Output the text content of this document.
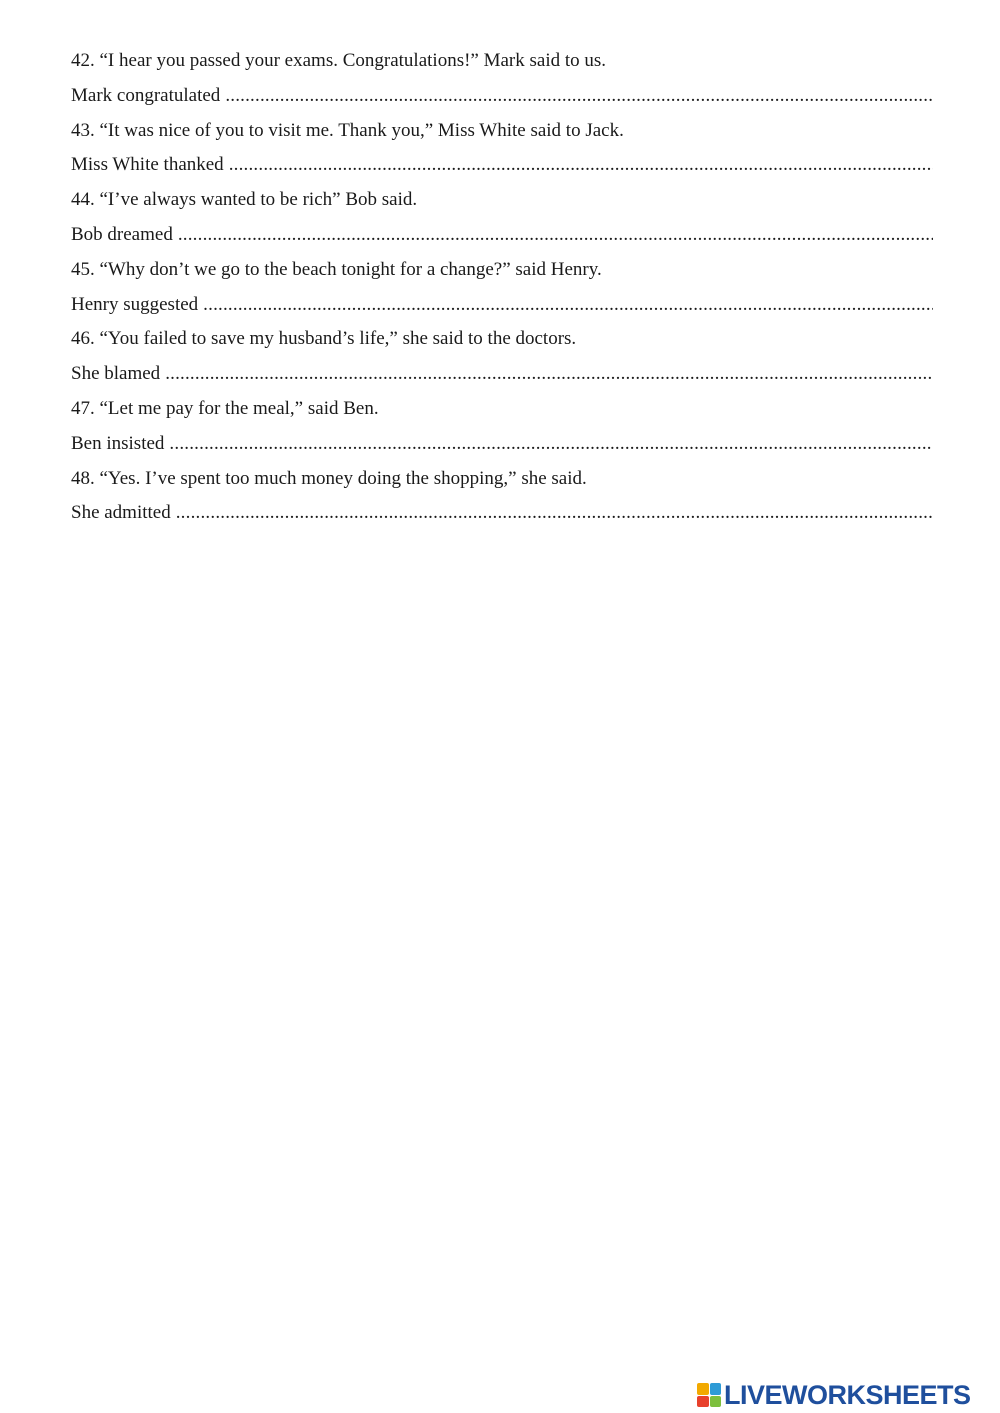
42. “I hear you passed your exams. Congratulations!” Mark said to us.
Mark congratulated
.....
43. “It was nice of you to visit me. Thank you,” Miss White said to Jack.
Miss White thanked
.....
44. “I’ve always wanted to be rich” Bob said.
Bob dreamed
.....
45. “Why don’t we go to the beach tonight for a change?” said Henry.
Henry suggested
.....
46. “You failed to save my husband’s life,” she said to the doctors.
She blamed
.....
47. “Let me pay for the meal,” said Ben.
Ben insisted
.....
48. “Yes. I’ve spent too much money doing the shopping,” she said.
She admitted
.....
LIVEWORKSHEETS
